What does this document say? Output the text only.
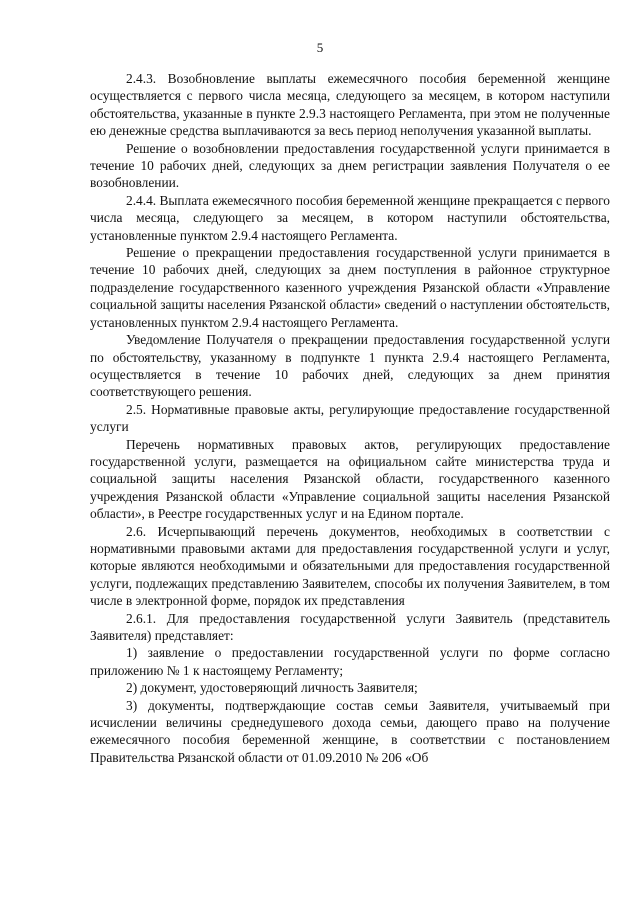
5

2.4.3. Возобновление выплаты ежемесячного пособия беременной женщине осуществляется с первого числа месяца, следующего за месяцем, в котором наступили обстоятельства, указанные в пункте 2.9.3 настоящего Регламента, при этом не полученные ею денежные средства выплачиваются за весь период неполучения указанной выплаты.

Решение о возобновлении предоставления государственной услуги принимается в течение 10 рабочих дней, следующих за днем регистрации заявления Получателя о ее возобновлении.

2.4.4. Выплата ежемесячного пособия беременной женщине прекращается с первого числа месяца, следующего за месяцем, в котором наступили обстоятельства, установленные пунктом 2.9.4 настоящего Регламента.

Решение о прекращении предоставления государственной услуги принимается в течение 10 рабочих дней, следующих за днем поступления в районное структурное подразделение государственного казенного учреждения Рязанской области «Управление социальной защиты населения Рязанской области» сведений о наступлении обстоятельств, установленных пунктом 2.9.4 настоящего Регламента.

Уведомление Получателя о прекращении предоставления государственной услуги по обстоятельству, указанному в подпункте 1 пункта 2.9.4 настоящего Регламента, осуществляется в течение 10 рабочих дней, следующих за днем принятия соответствующего решения.

2.5. Нормативные правовые акты, регулирующие предоставление государственной услуги

Перечень нормативных правовых актов, регулирующих предоставление государственной услуги, размещается на официальном сайте министерства труда и социальной защиты населения Рязанской области, государственного казенного учреждения Рязанской области «Управление социальной защиты населения Рязанской области», в Реестре государственных услуг и на Едином портале.

2.6. Исчерпывающий перечень документов, необходимых в соответствии с нормативными правовыми актами для предоставления государственной услуги и услуг, которые являются необходимыми и обязательными для предоставления государственной услуги, подлежащих представлению Заявителем, способы их получения Заявителем, в том числе в электронной форме, порядок их представления

2.6.1. Для предоставления государственной услуги Заявитель (представитель Заявителя) представляет:

1) заявление о предоставлении государственной услуги по форме согласно приложению № 1 к настоящему Регламенту;

2) документ, удостоверяющий личность Заявителя;

3) документы, подтверждающие состав семьи Заявителя, учитываемый при исчислении величины среднедушевого дохода семьи, дающего право на получение ежемесячного пособия беременной женщине, в соответствии с постановлением Правительства Рязанской области от 01.09.2010 № 206 «Об
